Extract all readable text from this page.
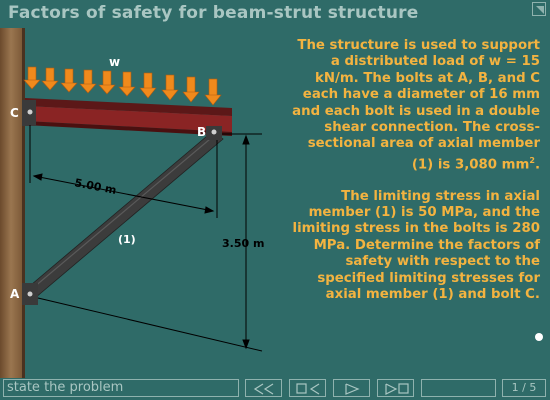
Factors of safety for beam-strut structure
w
C
B
A
(1)
5.00 m
3.50 m

The structure is used to support a distributed load of w = 15 kN/m. The bolts at A, B, and C each have a diameter of 16 mm and each bolt is used in a double shear connection. The cross-sectional area of axial member (1) is 3,080 $mm^2$.

The limiting stress in axial member (1) is 50 MPa, and the limiting stress in the bolts is 280 MPa. Determine the factors of safety with respect to the specified limiting stresses for axial member (1) and bolt C.

state the problem	1 / 5
